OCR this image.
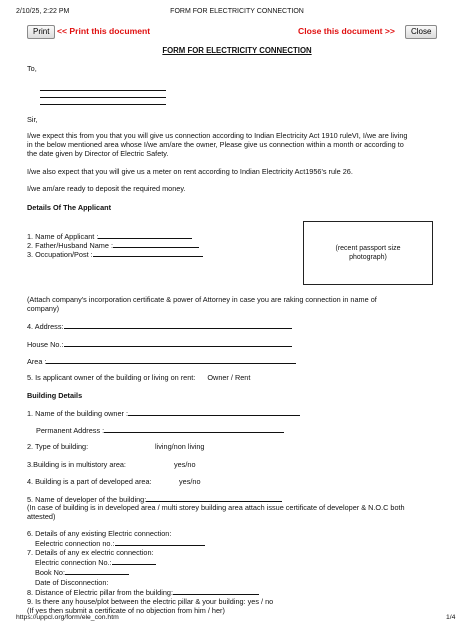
2/10/25, 2:22 PM	FORM FOR ELECTRICITY CONNECTION
Print << Print this document	Close this document >>	Close
FORM FOR ELECTRICITY CONNECTION
To,
Sir,
I/we expect this from you that you will give us connection according to Indian Electricity Act 1910 ruleVI, I/we are living
in the below mentioned area whose I/we am/are the owner, Please give us connection within a month or according to
the date given by Director of Electric Safety.
I/we also expect that you will give us a meter on rent according to Indian Electricity Act1956's rule 26.
I/we am/are ready to deposit the required money.
Details Of The Applicant
1. Name of Applicant :
2. Father/Husband Name :
3. Occupation/Post :
(recent passport size
photograph)
(Attach company's incorporation certificate & power of Attorney in case you are raking connection in name of
company)
4. Address:
House No.:
Area :
5. Is applicant owner of the building or living on rent: Owner / Rent
Building Details
1. Name of the building owner :
Permanent Address :
2. Type of building:	living/non living
3.Building is in multistory area:	yes/no
4. Building is a part of developed area:	yes/no
5. Name of developer of the building:
(In case of building is in developed area / multi storey building area attach issue certificate of developer & N.O.C both
attested)
6. Details of any existing Electric connection:
Eelectric connection no.:
7. Details of any ex electric connection:
Electric connection No.:
Book No:
Date of Disconnection:
8. Distance of Electric pillar from the building:
9. Is there any house/plot between the electric pillar & your building: yes / no
(If yes then submit a certificate of no objection from him / her)
https://uppcl.org/form/ele_con.htm	1/4
